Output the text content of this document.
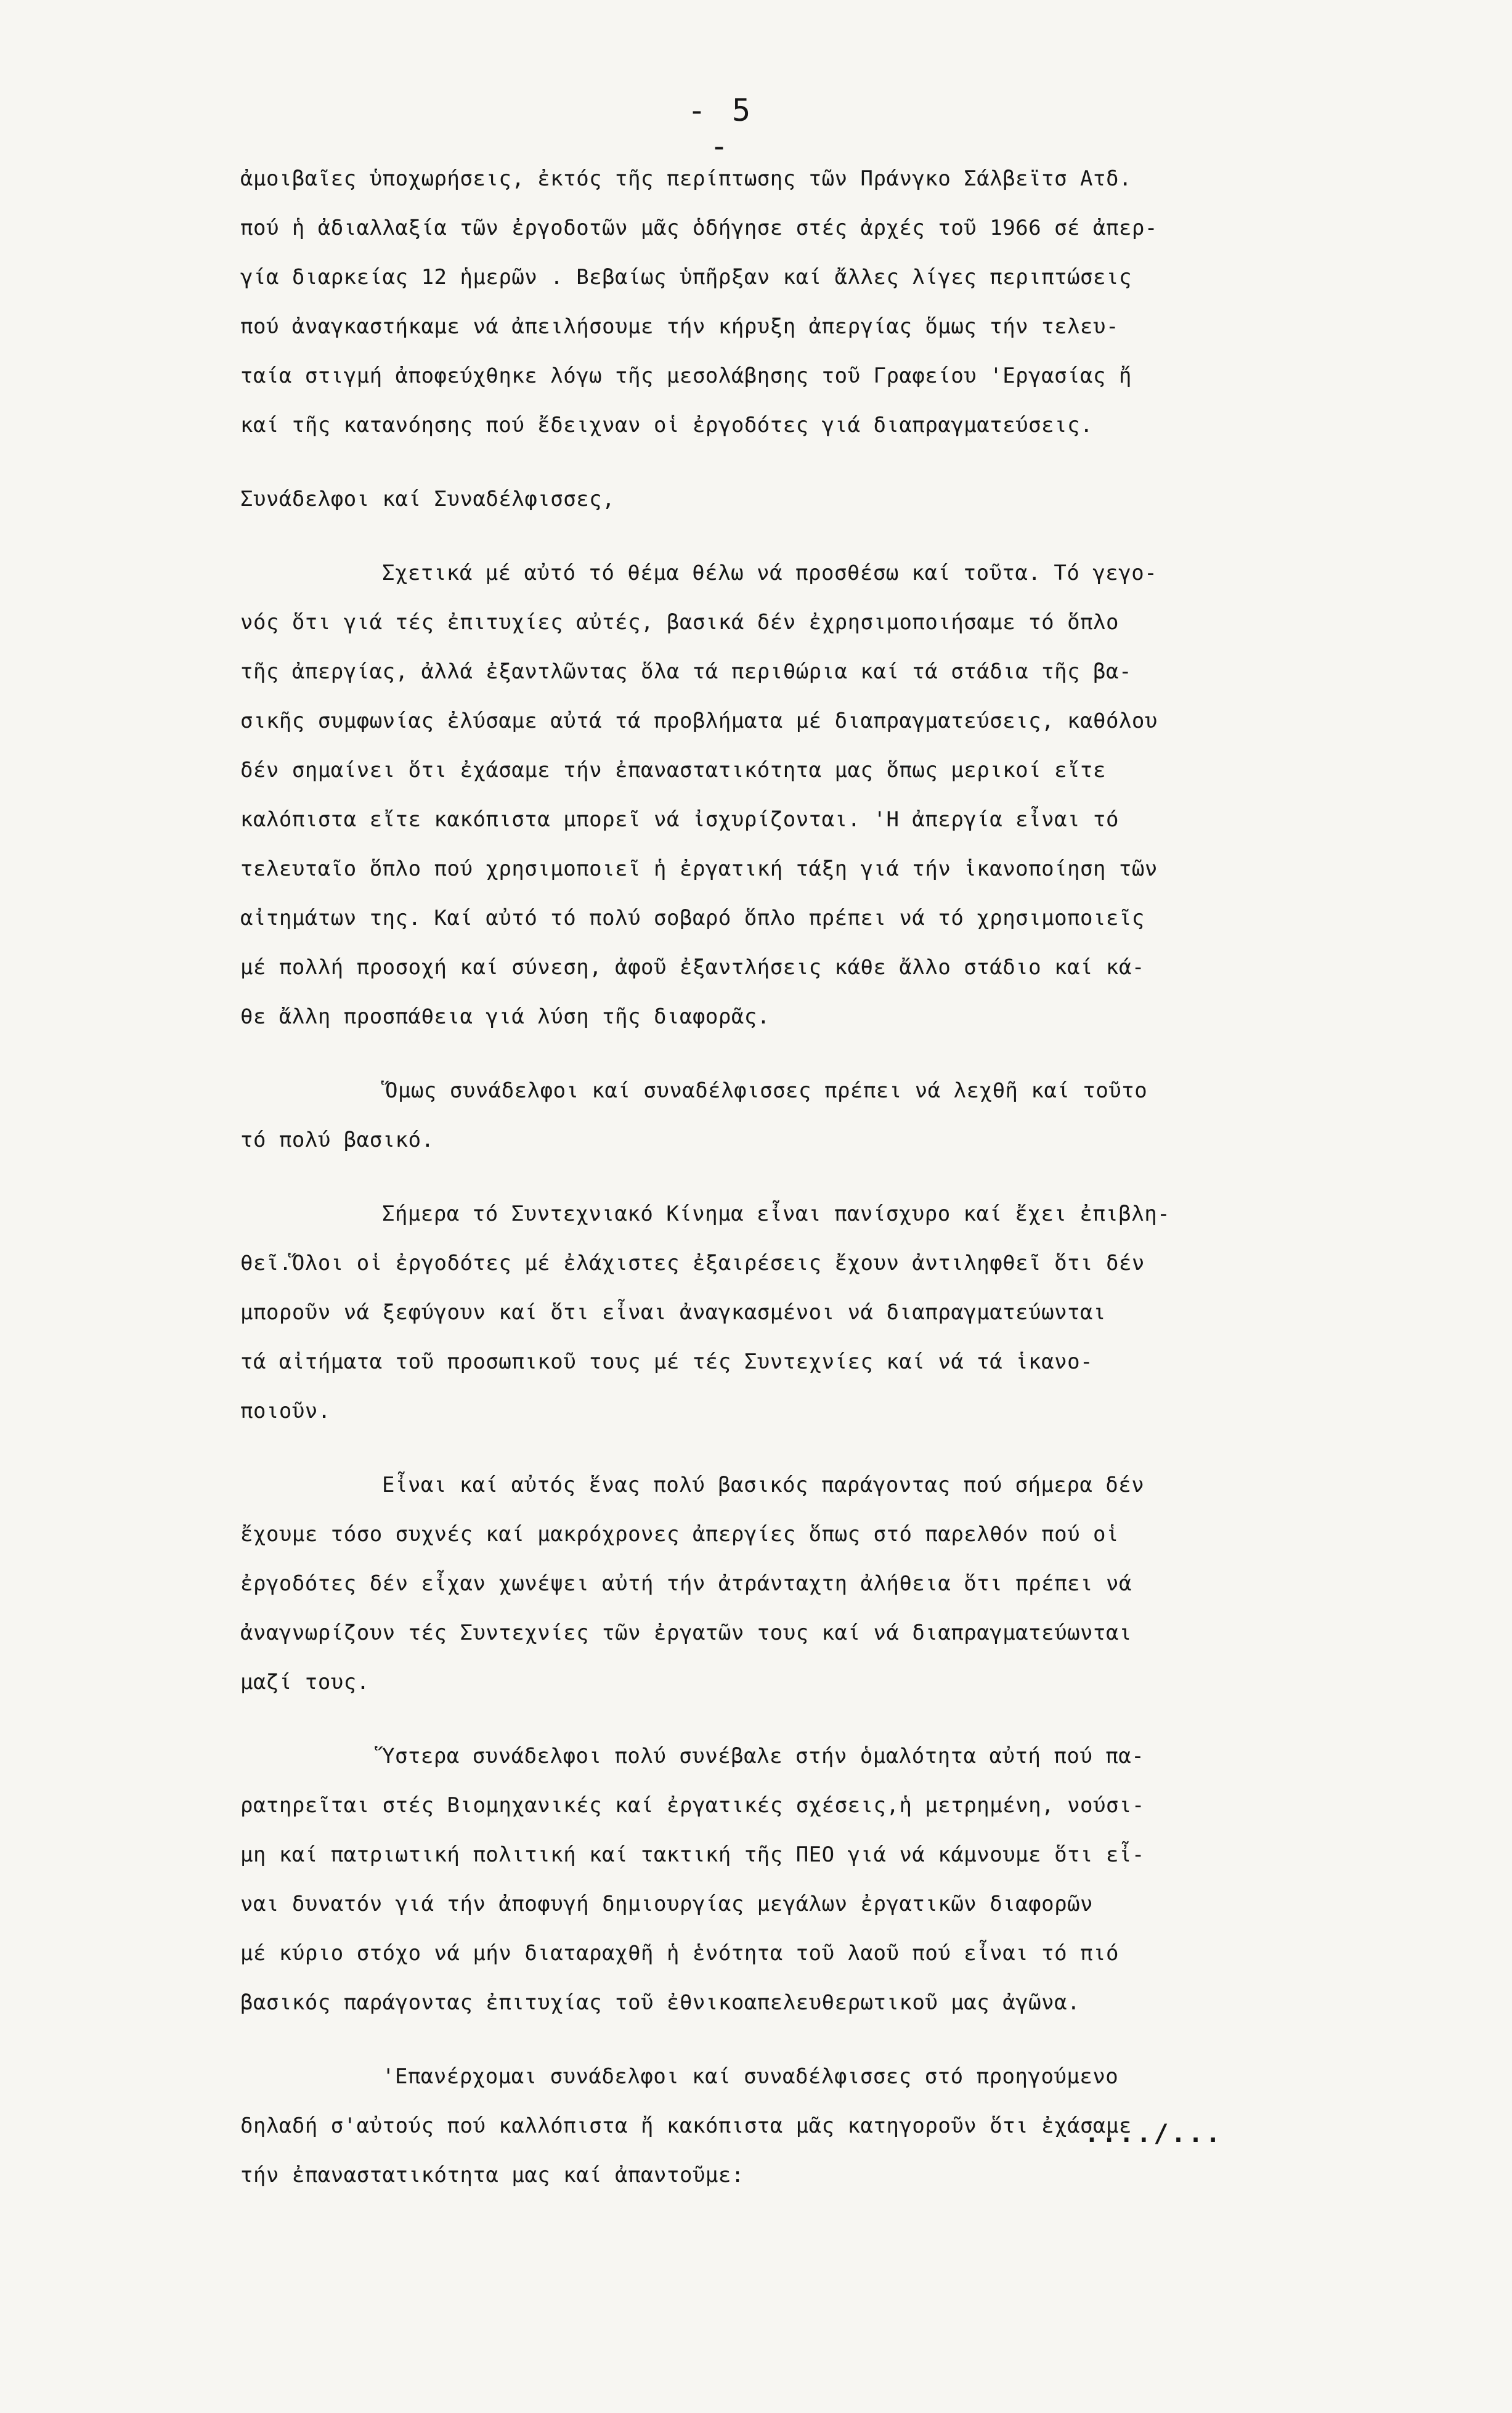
- 5 -
ἀμοιβαῖες ὑποχωρήσεις, ἐκτός τῆς περίπτωσης τῶν Πράνγκο Σάλβεϊτσ Ατδ.
πού ἡ ἀδιαλλαξία τῶν ἐργοδοτῶν μᾶς ὁδήγησε στές ἀρχές τοῦ 1966 σέ ἀπερ-
γία διαρκείας 12 ἡμερῶν . Βεβαίως ὑπῆρξαν καί ἄλλες λίγες περιπτώσεις
πού ἀναγκαστήκαμε νά ἀπειλήσουμε τήν κήρυξη ἀπεργίας ὅμως τήν τελευ-
ταία στιγμή ἀποφεύχθηκε λόγω τῆς μεσολάβησης τοῦ Γραφείου 'Εργασίας ἤ
καί τῆς κατανόησης πού ἔδειχναν οἱ ἐργοδότες γιά διαπραγματεύσεις.
Συνάδελφοι καί Συναδέλφισσες,
Σχετικά μέ αὐτό τό θέμα θέλω νά προσθέσω καί τοῦτα. Τό γεγο-
νός ὅτι γιά τές ἐπιτυχίες αὐτές, βασικά δέν ἐχρησιμοποιήσαμε τό ὅπλο
τῆς ἀπεργίας, ἀλλά ἐξαντλῶντας ὅλα τά περιθώρια καί τά στάδια τῆς βα-
σικῆς συμφωνίας ἐλύσαμε αὐτά τά προβλήματα μέ διαπραγματεύσεις, καθόλου
δέν σημαίνει ὅτι ἐχάσαμε τήν ἐπαναστατικότητα μας ὅπως μερικοί εἴτε
καλόπιστα εἴτε κακόπιστα μπορεῖ νά ἰσχυρίζονται. 'Η ἀπεργία εἶναι τό
τελευταῖο ὅπλο πού χρησιμοποιεῖ ἡ ἐργατική τάξη γιά τήν ἱκανοποίηση τῶν
αἰτημάτων της. Καί αὐτό τό πολύ σοβαρό ὅπλο πρέπει νά τό χρησιμοποιεῖς
μέ πολλή προσοχή καί σύνεση, ἀφοῦ ἐξαντλήσεις κάθε ἄλλο στάδιο καί κά-
θε ἄλλη προσπάθεια γιά λύση τῆς διαφορᾶς.
Ὅμως συνάδελφοι καί συναδέλφισσες πρέπει νά λεχθῆ καί τοῦτο
τό πολύ βασικό.
Σήμερα τό Συντεχνιακό Κίνημα εἶναι πανίσχυρο καί ἔχει ἐπιβλη-
θεῖ.Ὅλοι οἱ ἐργοδότες μέ ἐλάχιστες ἐξαιρέσεις ἔχουν ἀντιληφθεῖ ὅτι δέν
μποροῦν νά ξεφύγουν καί ὅτι εἶναι ἀναγκασμένοι νά διαπραγματεύωνται
τά αἰτήματα τοῦ προσωπικοῦ τους μέ τές Συντεχνίες καί νά τά ἱκανο-
ποιοῦν.
Εἶναι καί αὐτός ἕνας πολύ βασικός παράγοντας πού σήμερα δέν
ἔχουμε τόσο συχνές καί μακρόχρονες ἀπεργίες ὅπως στό παρελθόν πού οἱ
ἐργοδότες δέν εἶχαν χωνέψει αὐτή τήν ἀτράνταχτη ἀλήθεια ὅτι πρέπει νά
ἀναγνωρίζουν τές Συντεχνίες τῶν ἐργατῶν τους καί νά διαπραγματεύωνται
μαζί τους.
Ὕστερα συνάδελφοι πολύ συνέβαλε στήν ὁμαλότητα αὐτή πού πα-
ρατηρεῖται στές Βιομηχανικές καί ἐργατικές σχέσεις,ἡ μετρημένη, νούσι-
μη καί πατριωτική πολιτική καί τακτική τῆς ΠΕΟ γιά νά κάμνουμε ὅτι εἶ-
ναι δυνατόν γιά τήν ἀποφυγή δημιουργίας μεγάλων ἐργατικῶν διαφορῶν
μέ κύριο στόχο νά μήν διαταραχθῆ ἡ ἑνότητα τοῦ λαοῦ πού εἶναι τό πιό
βασικός παράγοντας ἐπιτυχίας τοῦ ἐθνικοαπελευθερωτικοῦ μας ἀγῶνα.
'Επανέρχομαι συνάδελφοι καί συναδέλφισσες στό προηγούμενο
δηλαδή σ'αὐτούς πού καλλόπιστα ἤ κακόπιστα μᾶς κατηγοροῦν ὅτι ἐχάσαμε
τήν ἐπαναστατικότητα μας καί ἀπαντοῦμε:
..../...
